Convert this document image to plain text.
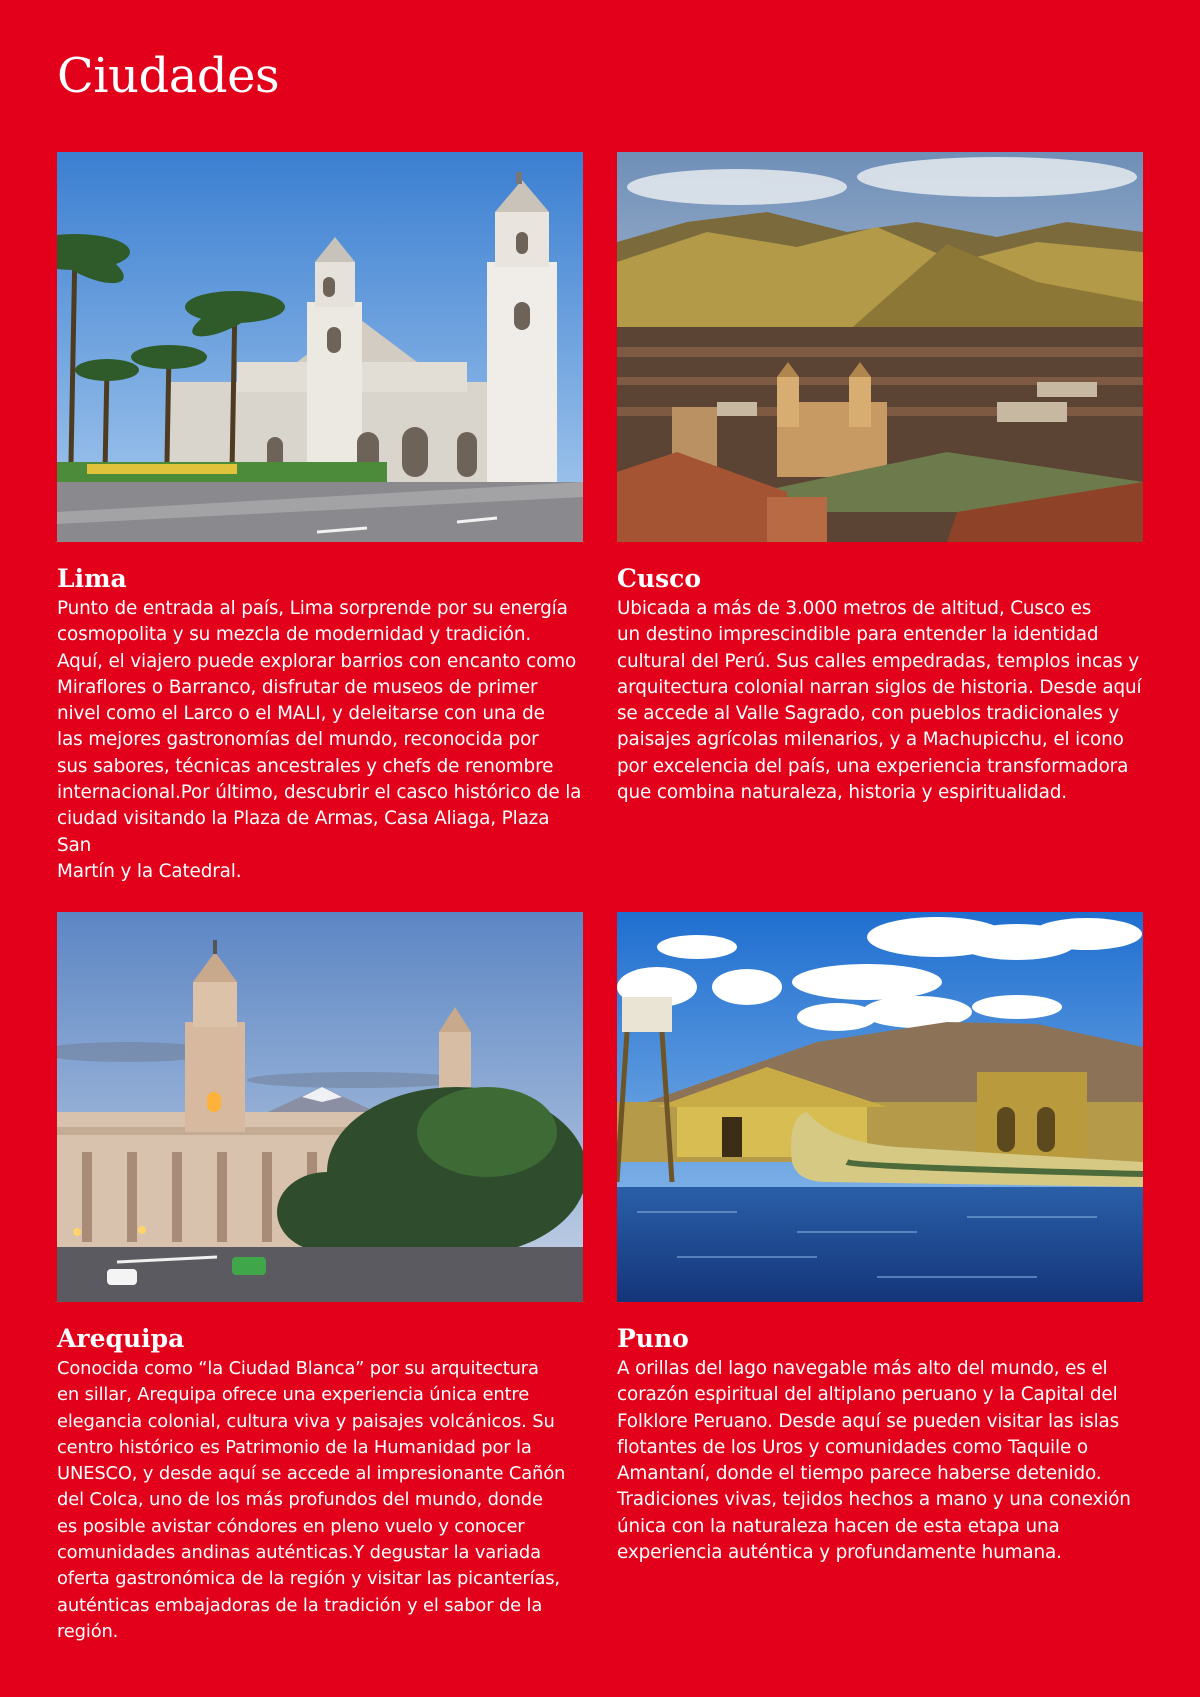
Ciudades
Lima

Punto de entrada al país, Lima sorprende por su energía
cosmopolita y su mezcla de modernidad y tradición.
Aquí, el viajero puede explorar barrios con encanto como
Miraflores o Barranco, disfrutar de museos de primer
nivel como el Larco o el MALI, y deleitarse con una de
las mejores gastronomías del mundo, reconocida por
sus sabores, técnicas ancestrales y chefs de renombre
internacional.Por último, descubrir el casco histórico de la
ciudad visitando la Plaza de Armas, Casa Aliaga, Plaza San
Martín y la Catedral.

Cusco

Ubicada a más de 3.000 metros de altitud, Cusco es
un destino imprescindible para entender la identidad
cultural del Perú. Sus calles empedradas, templos incas y
arquitectura colonial narran siglos de historia. Desde aquí
se accede al Valle Sagrado, con pueblos tradicionales y
paisajes agrícolas milenarios, y a Machupicchu, el icono
por excelencia del país, una experiencia transformadora
que combina naturaleza, historia y espiritualidad.

Arequipa

Conocida como “la Ciudad Blanca” por su arquitectura
en sillar, Arequipa ofrece una experiencia única entre
elegancia colonial, cultura viva y paisajes volcánicos. Su
centro histórico es Patrimonio de la Humanidad por la
UNESCO, y desde aquí se accede al impresionante Cañón
del Colca, uno de los más profundos del mundo, donde
es posible avistar cóndores en pleno vuelo y conocer
comunidades andinas auténticas.Y degustar la variada
oferta gastronómica de la región y visitar las picanterías,
auténticas embajadoras de la tradición y el sabor de la
región.

Puno

A orillas del lago navegable más alto del mundo, es el
corazón espiritual del altiplano peruano y la Capital del
Folklore Peruano. Desde aquí se pueden visitar las islas
flotantes de los Uros y comunidades como Taquile o
Amantaní, donde el tiempo parece haberse detenido.
Tradiciones vivas, tejidos hechos a mano y una conexión
única con la naturaleza hacen de esta etapa una
experiencia auténtica y profundamente humana.
